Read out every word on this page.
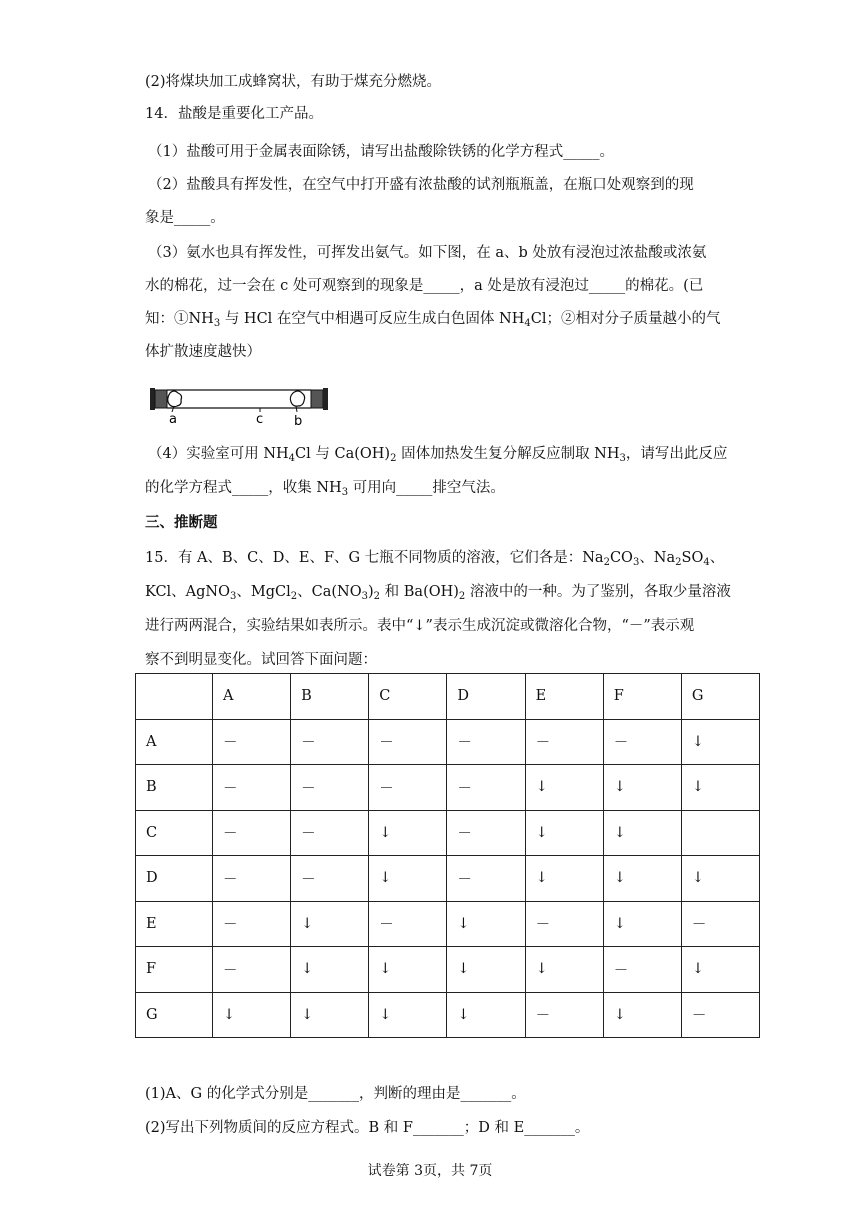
(2)将煤块加工成蜂窝状，有助于煤充分燃烧。
14．盐酸是重要化工产品。
（1）盐酸可用于金属表面除锈，请写出盐酸除铁锈的化学方程式_____。
（2）盐酸具有挥发性，在空气中打开盛有浓盐酸的试剂瓶瓶盖，在瓶口处观察到的现
象是_____。
（3）氨水也具有挥发性，可挥发出氨气。如下图，在 a、b 处放有浸泡过浓盐酸或浓氨
水的棉花，过一会在 c 处可观察到的现象是_____，a 处是放有浸泡过_____的棉花。(已
知：$①NH_3$ 与 HCl 在空气中相遇可反应生成白色固体 $NH_4Cl$；②相对分子质量越小的气
体扩散速度越快）
a	c b
（4）实验室可用 $NH_4Cl$ 与 $Ca(OH)_2$ 固体加热发生复分解反应制取 $NH_3$，请写出此反应
的化学方程式_____，收集 $NH_3$ 可用向_____排空气法。
三、推断题
15．有 A、B、C、D、E、F、G 七瓶不同物质的溶液，它们各是：$Na_2CO_3$、$Na_2SO_4$、
KCl、AgNO$_3$、MgCl$_2$、$Ca(NO_3)_2$ 和 $Ba(OH)_2$ 溶液中的一种。为了鉴别，各取少量溶液
进行两两混合，实验结果如表所示。表中“↓”表示生成沉淀或微溶化合物，“－”表示观
察不到明显变化。试回答下面问题：
	A	B	C	D	E	F	G
A	－	－	－	－	－	－	↓
B	－	－	－	－	↓	↓	↓
C	－	－	↓	－	↓	↓	
D	－	－	↓	－	↓	↓	↓
E	－	↓	－	↓	－	↓	－
F	－	↓	↓	↓	↓	－	↓
G	↓	↓	↓	↓	－	↓	－
(1)A、G 的化学式分别是_______，判断的理由是_______。
(2)写出下列物质间的反应方程式。B 和 F_______；D 和 E_______。
试卷第 3页，共 7页
